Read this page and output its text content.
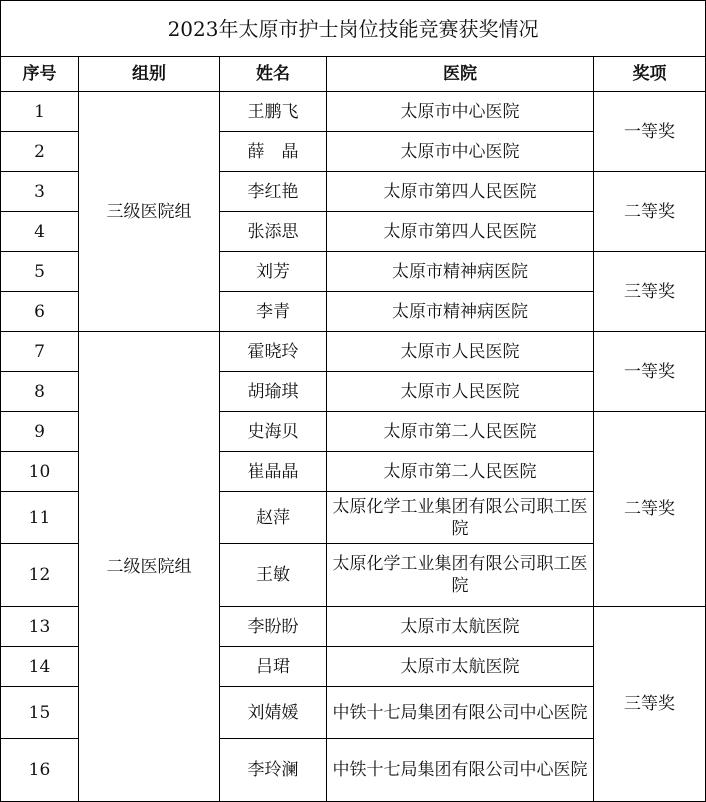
2023年太原市护士岗位技能竞赛获奖情况				
序号	组别	姓名	医院	奖项
1	三级医院组	王鹏飞	太原市中心医院	一等奖
2		薛　晶	太原市中心医院	
3		李红艳	太原市第四人民医院	二等奖
4		张添思	太原市第四人民医院	
5		刘芳	太原市精神病医院	三等奖
6		李青	太原市精神病医院	
7	二级医院组	霍晓玲	太原市人民医院	一等奖
8		胡瑜琪	太原市人民医院	
9		史海贝	太原市第二人民医院	二等奖
10		崔晶晶	太原市第二人民医院	
11		赵萍	太原化学工业集团有限公司职工医院	
12		王敏	太原化学工业集团有限公司职工医院	
13		李盼盼	太原市太航医院	三等奖
14		吕珺	太原市太航医院	
15		刘婧媛	中铁十七局集团有限公司中心医院	
16		李玲澜	中铁十七局集团有限公司中心医院	
